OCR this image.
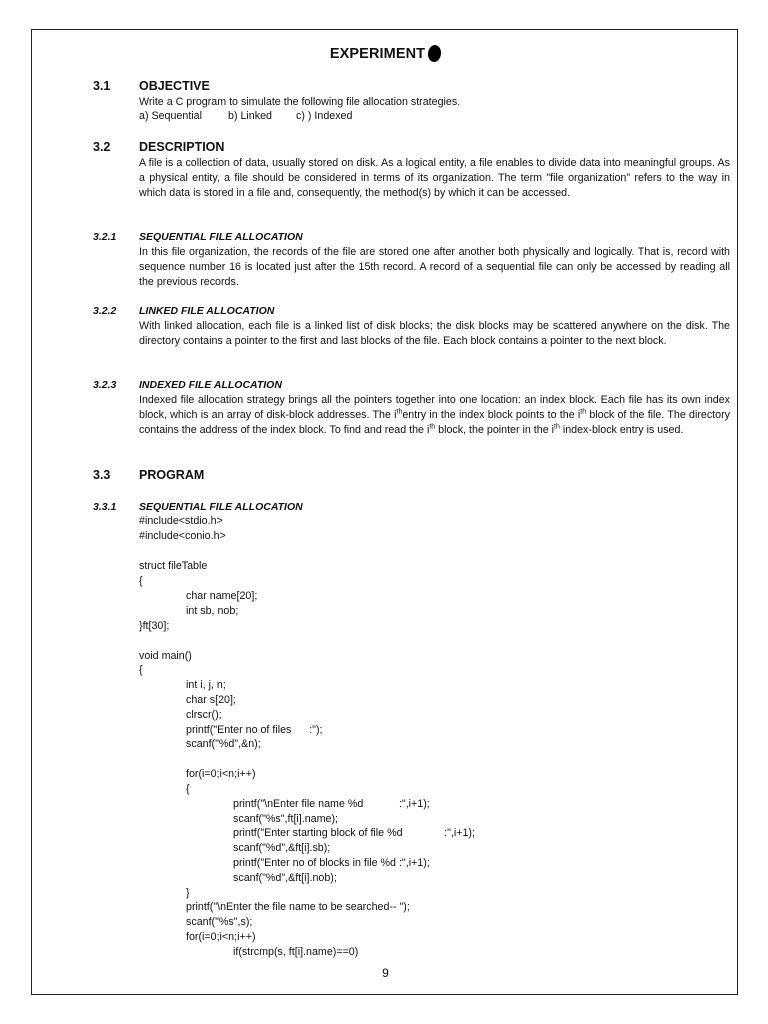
EXPERIMENT
3.1 OBJECTIVE
Write a C program to simulate the following file allocation strategies.
a) Sequential b) Linked c) ) Indexed
3.2 DESCRIPTION
A file is a collection of data, usually stored on disk. As a logical entity, a file enables to divide data into meaningful groups. As a physical entity, a file should be considered in terms of its organization. The term "file organization" refers to the way in which data is stored in a file and, consequently, the method(s) by which it can be accessed.
3.2.1 SEQUENTIAL FILE ALLOCATION
In this file organization, the records of the file are stored one after another both physically and logically. That is, record with sequence number 16 is located just after the 15th record. A record of a sequential file can only be accessed by reading all the previous records.
3.2.2 LINKED FILE ALLOCATION
With linked allocation, each file is a linked list of disk blocks; the disk blocks may be scattered anywhere on the disk. The directory contains a pointer to the first and last blocks of the file. Each block contains a pointer to the next block.
3.2.3 INDEXED FILE ALLOCATION
Indexed file allocation strategy brings all the pointers together into one location: an index block. Each file has its own index block, which is an array of disk-block addresses. The $i^{th}entry$ in the index block points to the $i^{th}$ block of the file. The directory contains the address of the index block. To find and read the $i^{th}$ block, the pointer in the $i^{th}$ index-block entry is used.
3.3 PROGRAM
3.3.1 SEQUENTIAL FILE ALLOCATION
#include<stdio.h>
#include<conio.h>
struct fileTable
{
char name[20];
int sb, nob;
}ft[30];
void main()
{
int i, j, n;
char s[20];
clrscr();
printf("Enter no of files      :");
scanf("%d",&n);
for(i=0;i<n;i++)
{
printf("\nEnter file name %d            :",i+1);
scanf("%s",ft[i].name);
printf("Enter starting block of file %d              :",i+1);
scanf("%d",&ft[i].sb);
printf("Enter no of blocks in file %d :",i+1);
scanf("%d",&ft[i].nob);
}
printf("\nEnter the file name to be searched-- ");
scanf("%s",s);
for(i=0;i<n;i++)
if(strcmp(s, ft[i].name)==0)
9
